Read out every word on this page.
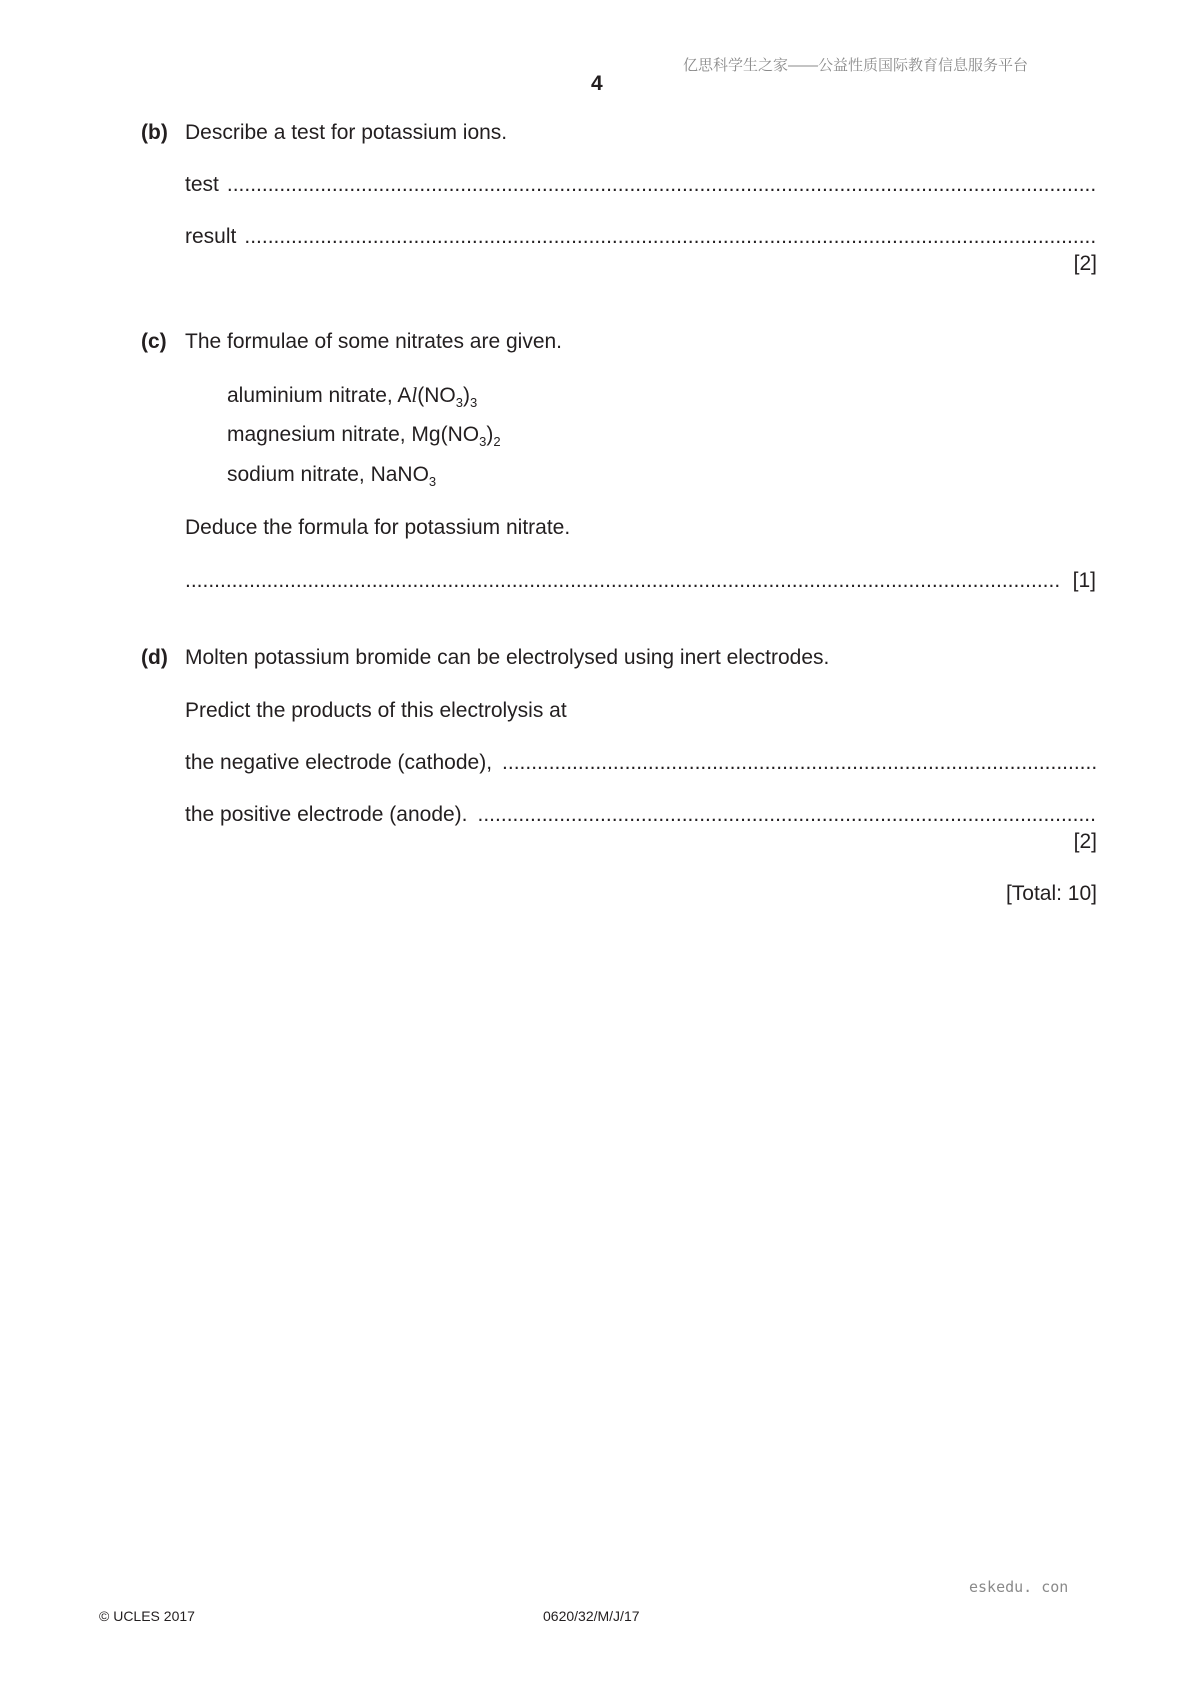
亿思科学生之家——公益性质国际教育信息服务平台
4
(b) Describe a test for potassium ions.
test
.....
result
.....
[2]
(c) The formulae of some nitrates are given.
aluminium nitrate, $Al(NO_3)_3$
magnesium nitrate, $Mg(NO_3)_2$
sodium nitrate, NaNO$_3$
Deduce the formula for potassium nitrate.
.....
[1]
(d) Molten potassium bromide can be electrolysed using inert electrodes.
Predict the products of this electrolysis at
the negative electrode (cathode),
.....
the positive electrode (anode).
.....
[2]
[Total: 10]
eskedu. con
© UCLES 2017	0620/32/M/J/17
